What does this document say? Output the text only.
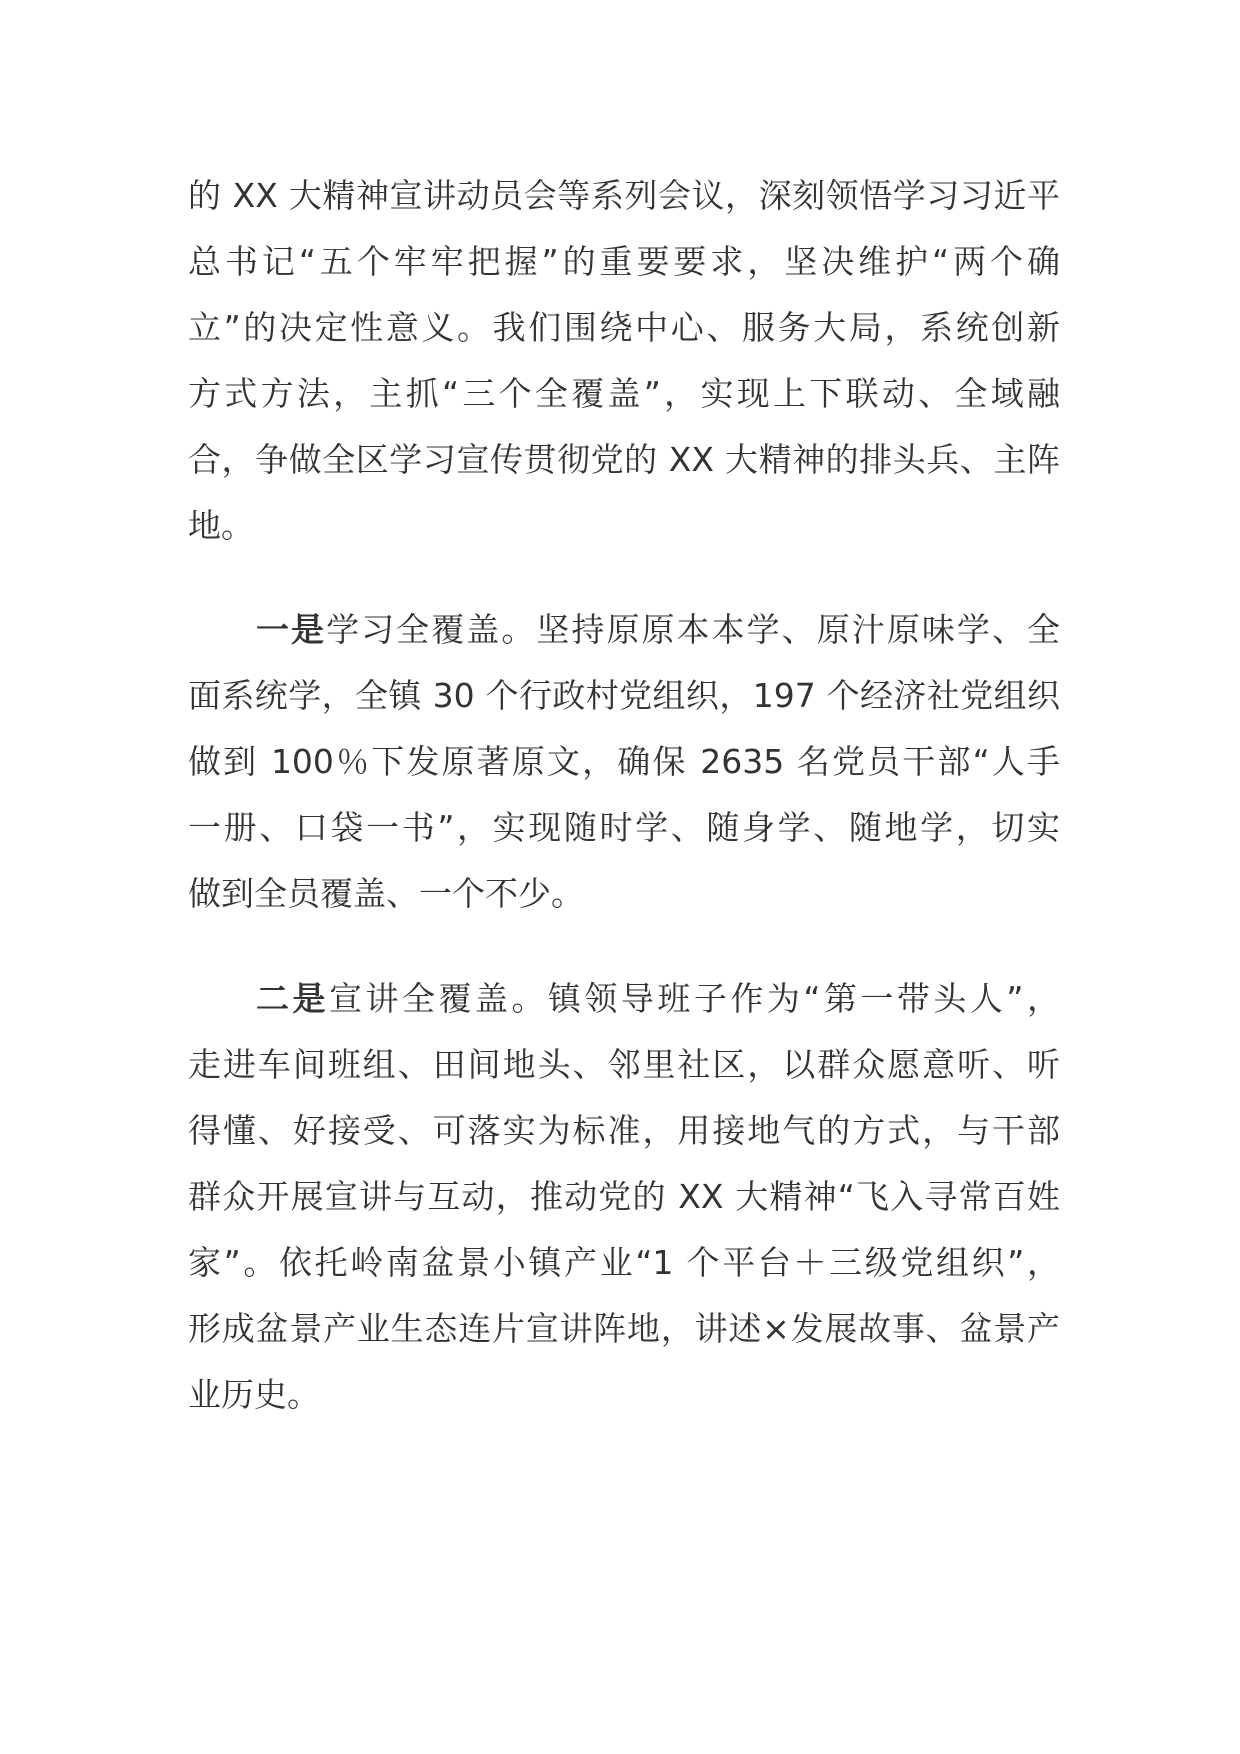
的 XX 大精神宣讲动员会等系列会议，深刻领悟学习习近平
总书记“五个牢牢把握”的重要要求，坚决维护“两个确
立”的决定性意义。我们围绕中心、服务大局，系统创新
方式方法，主抓“三个全覆盖”，实现上下联动、全域融
合，争做全区学习宣传贯彻党的 XX 大精神的排头兵、主阵
地。
一是学习全覆盖。坚持原原本本学、原汁原味学、全
面系统学，全镇 30 个行政村党组织，197 个经济社党组织
做到 100％下发原著原文，确保 2635 名党员干部“人手
一册、口袋一书”，实现随时学、随身学、随地学，切实
做到全员覆盖、一个不少。
二是宣讲全覆盖。镇领导班子作为“第一带头人”，
走进车间班组、田间地头、邻里社区，以群众愿意听、听
得懂、好接受、可落实为标准，用接地气的方式，与干部
群众开展宣讲与互动，推动党的 XX 大精神“飞入寻常百姓
家”。依托岭南盆景小镇产业“1 个平台＋三级党组织”，
形成盆景产业生态连片宣讲阵地，讲述×发展故事、盆景产
业历史。
